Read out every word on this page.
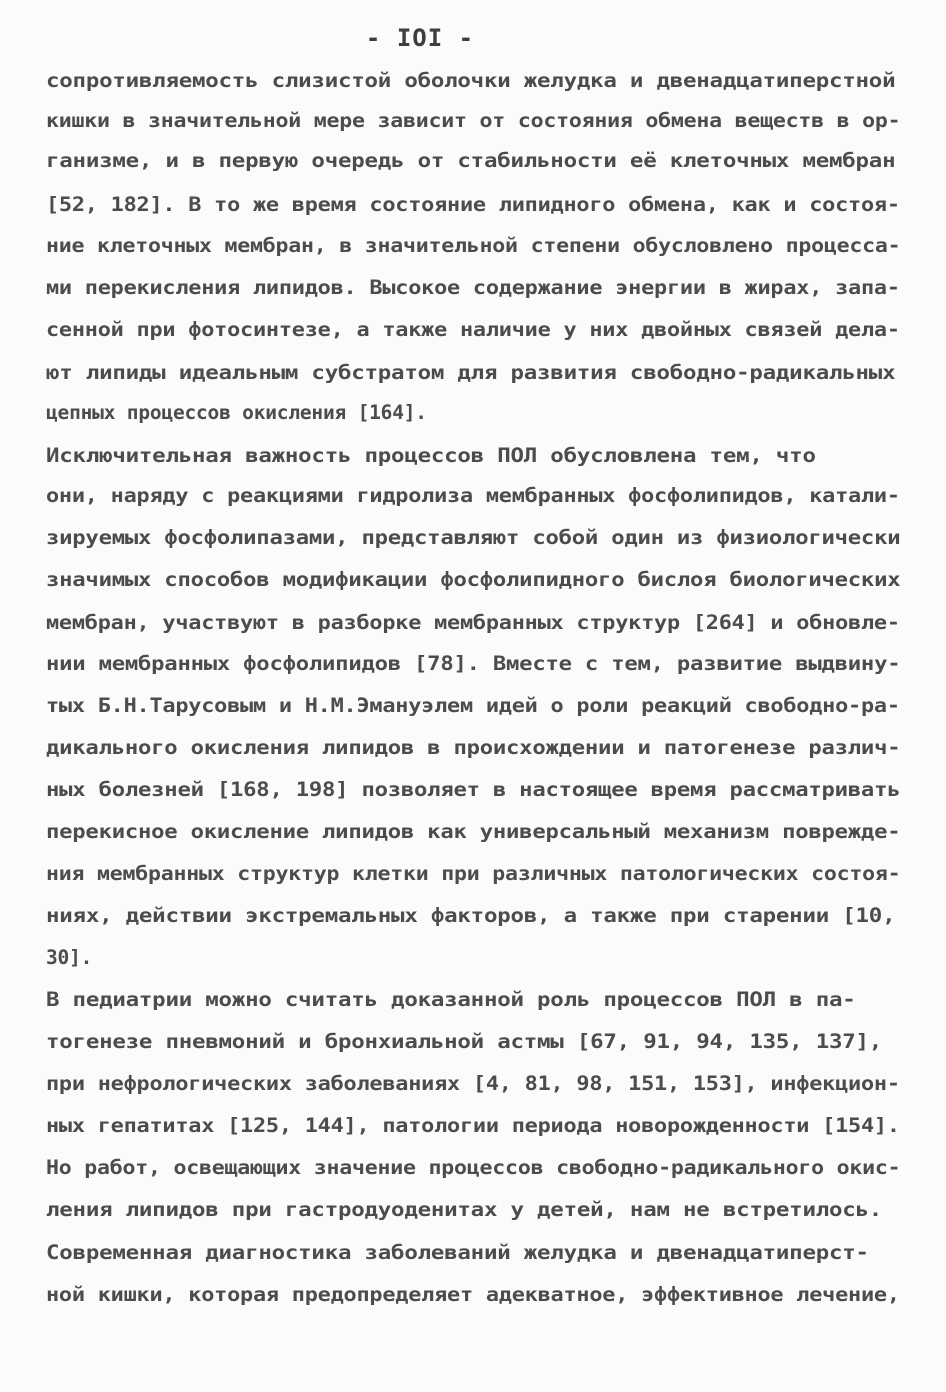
- IOI -
сопротивляемость слизистой оболочки желудка и двенадцатиперстной
кишки в значительной мере зависит от состояния обмена веществ в ор-
ганизме, и в первую очередь от стабильности её клеточных мембран
[52, 182]. В то же время состояние липидного обмена, как и состоя-
ние клеточных мембран, в значительной степени обусловлено процесса-
ми перекисления липидов. Высокое содержание энергии в жирах, запа-
сенной при фотосинтезе, а также наличие у них двойных связей дела-
ют липиды идеальным субстратом для развития свободно-радикальных
цепных процессов окисления [164].
Исключительная важность процессов ПОЛ обусловлена тем, что
они, наряду с реакциями гидролиза мембранных фосфолипидов, катали-
зируемых фосфолипазами, представляют собой один из физиологически
значимых способов модификации фосфолипидного бислоя биологических
мембран, участвуют в разборке мембранных структур [264] и обновле-
нии мембранных фосфолипидов [78]. Вместе с тем, развитие выдвину-
тых Б.Н.Тарусовым и Н.М.Эмануэлем идей о роли реакций свободно-ра-
дикального окисления липидов в происхождении и патогенезе различ-
ных болезней [168, 198] позволяет в настоящее время рассматривать
перекисное окисление липидов как универсальный механизм поврежде-
ния мембранных структур клетки при различных патологических состоя-
ниях, действии экстремальных факторов, а также при старении [10,
30].
В педиатрии можно считать доказанной роль процессов ПОЛ в па-
тогенезе пневмоний и бронхиальной астмы [67, 91, 94, 135, 137],
при нефрологических заболеваниях [4, 81, 98, 151, 153], инфекцион-
ных гепатитах [125, 144], патологии периода новорожденности [154].
Но работ, освещающих значение процессов свободно-радикального окис-
ления липидов при гастродуоденитах у детей, нам не встретилось.
Современная диагностика заболеваний желудка и двенадцатиперст-
ной кишки, которая предопределяет адекватное, эффективное лечение,
